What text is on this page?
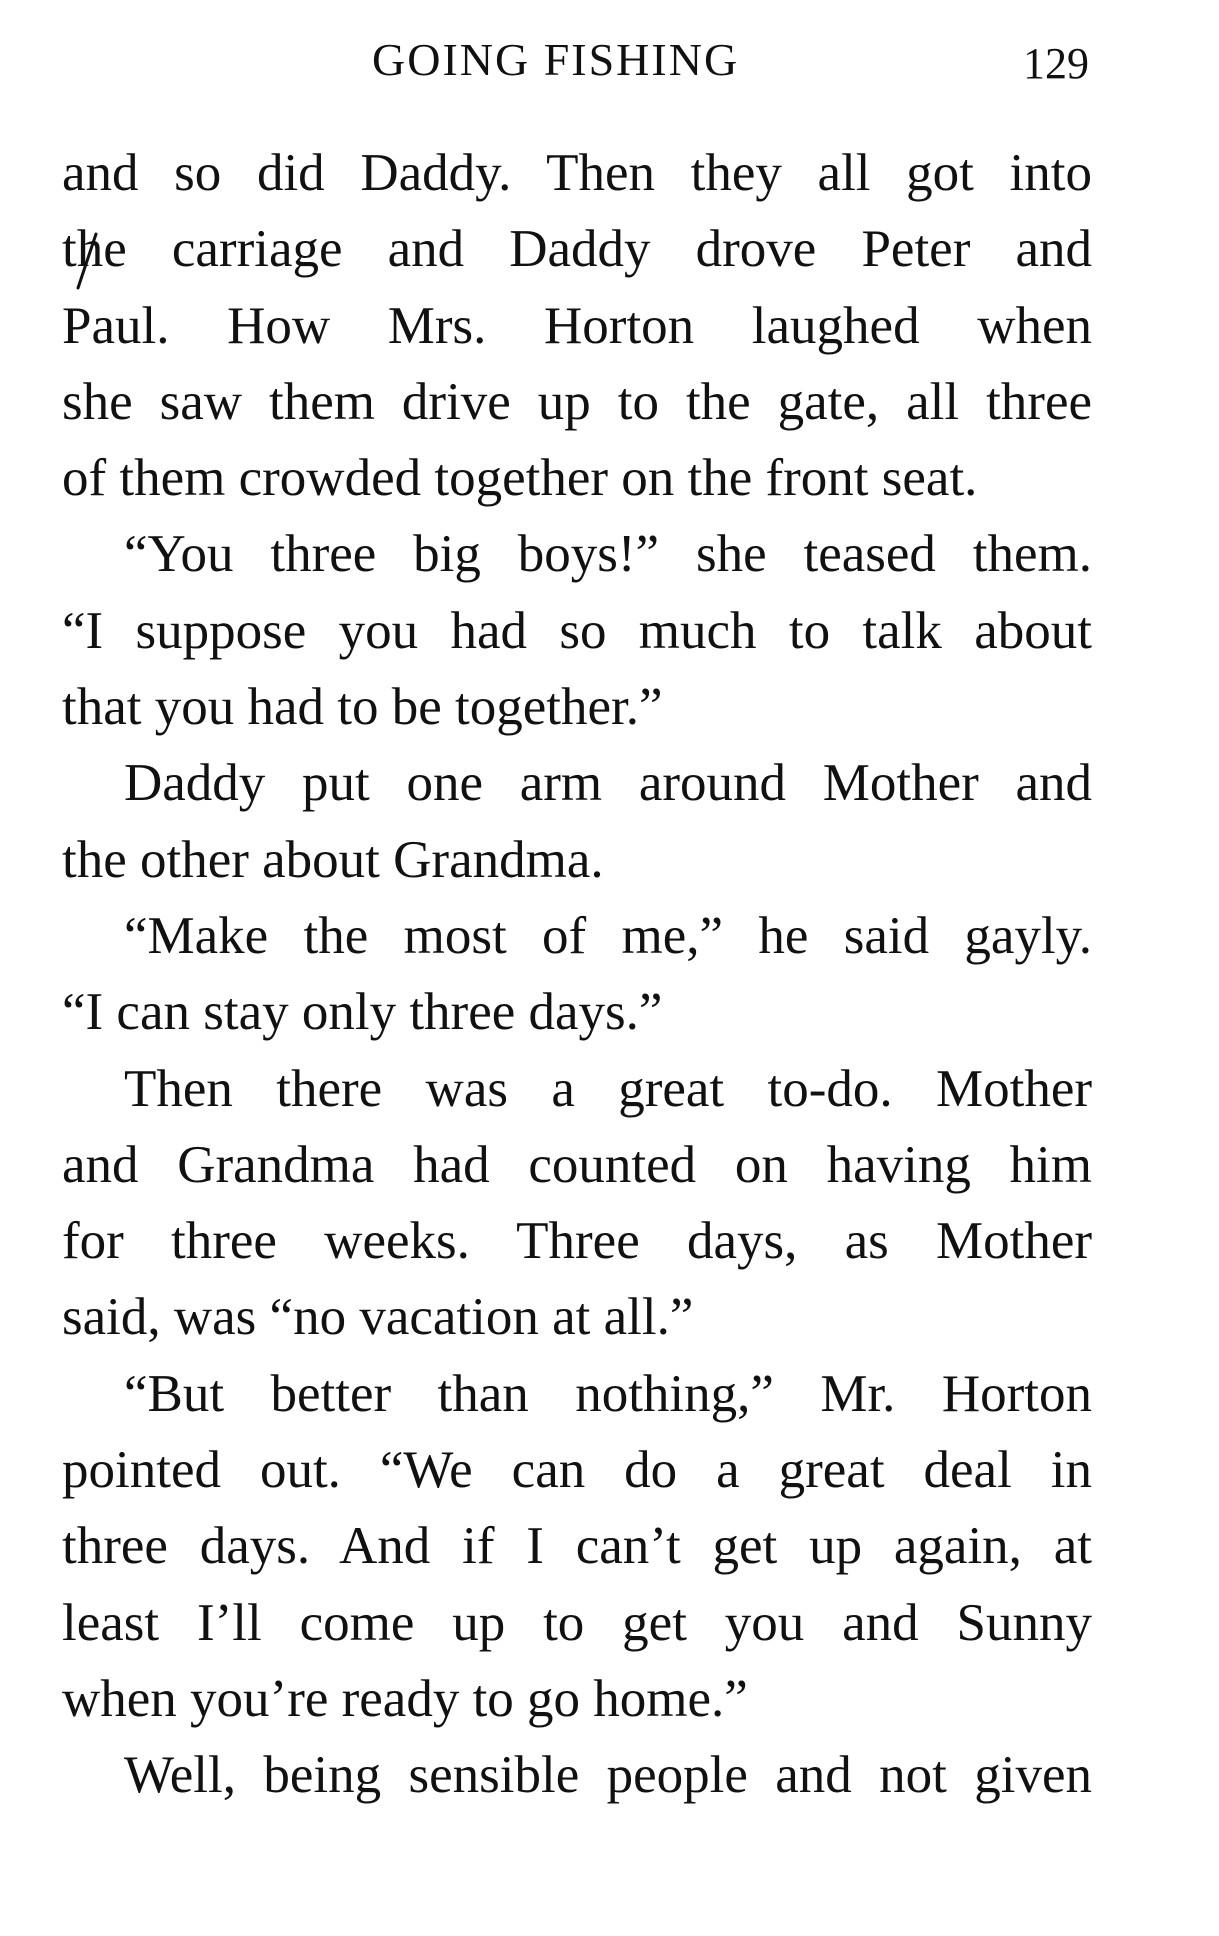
GOING FISHING	129
and so did Daddy. Then they all got into
the carriage and Daddy drove Peter and
Paul. How Mrs. Horton laughed when
she saw them drive up to the gate, all three
of them crowded together on the front seat.
“You three big boys!” she teased them.
“I suppose you had so much to talk about
that you had to be together.”
Daddy put one arm around Mother and
the other about Grandma.
“Make the most of me,” he said gayly.
“I can stay only three days.”
Then there was a great to-do. Mother
and Grandma had counted on having him
for three weeks. Three days, as Mother
said, was “no vacation at all.”
“But better than nothing,” Mr. Horton
pointed out. “We can do a great deal in
three days. And if I can’t get up again, at
least I’ll come up to get you and Sunny
when you’re ready to go home.”
Well, being sensible people and not given
